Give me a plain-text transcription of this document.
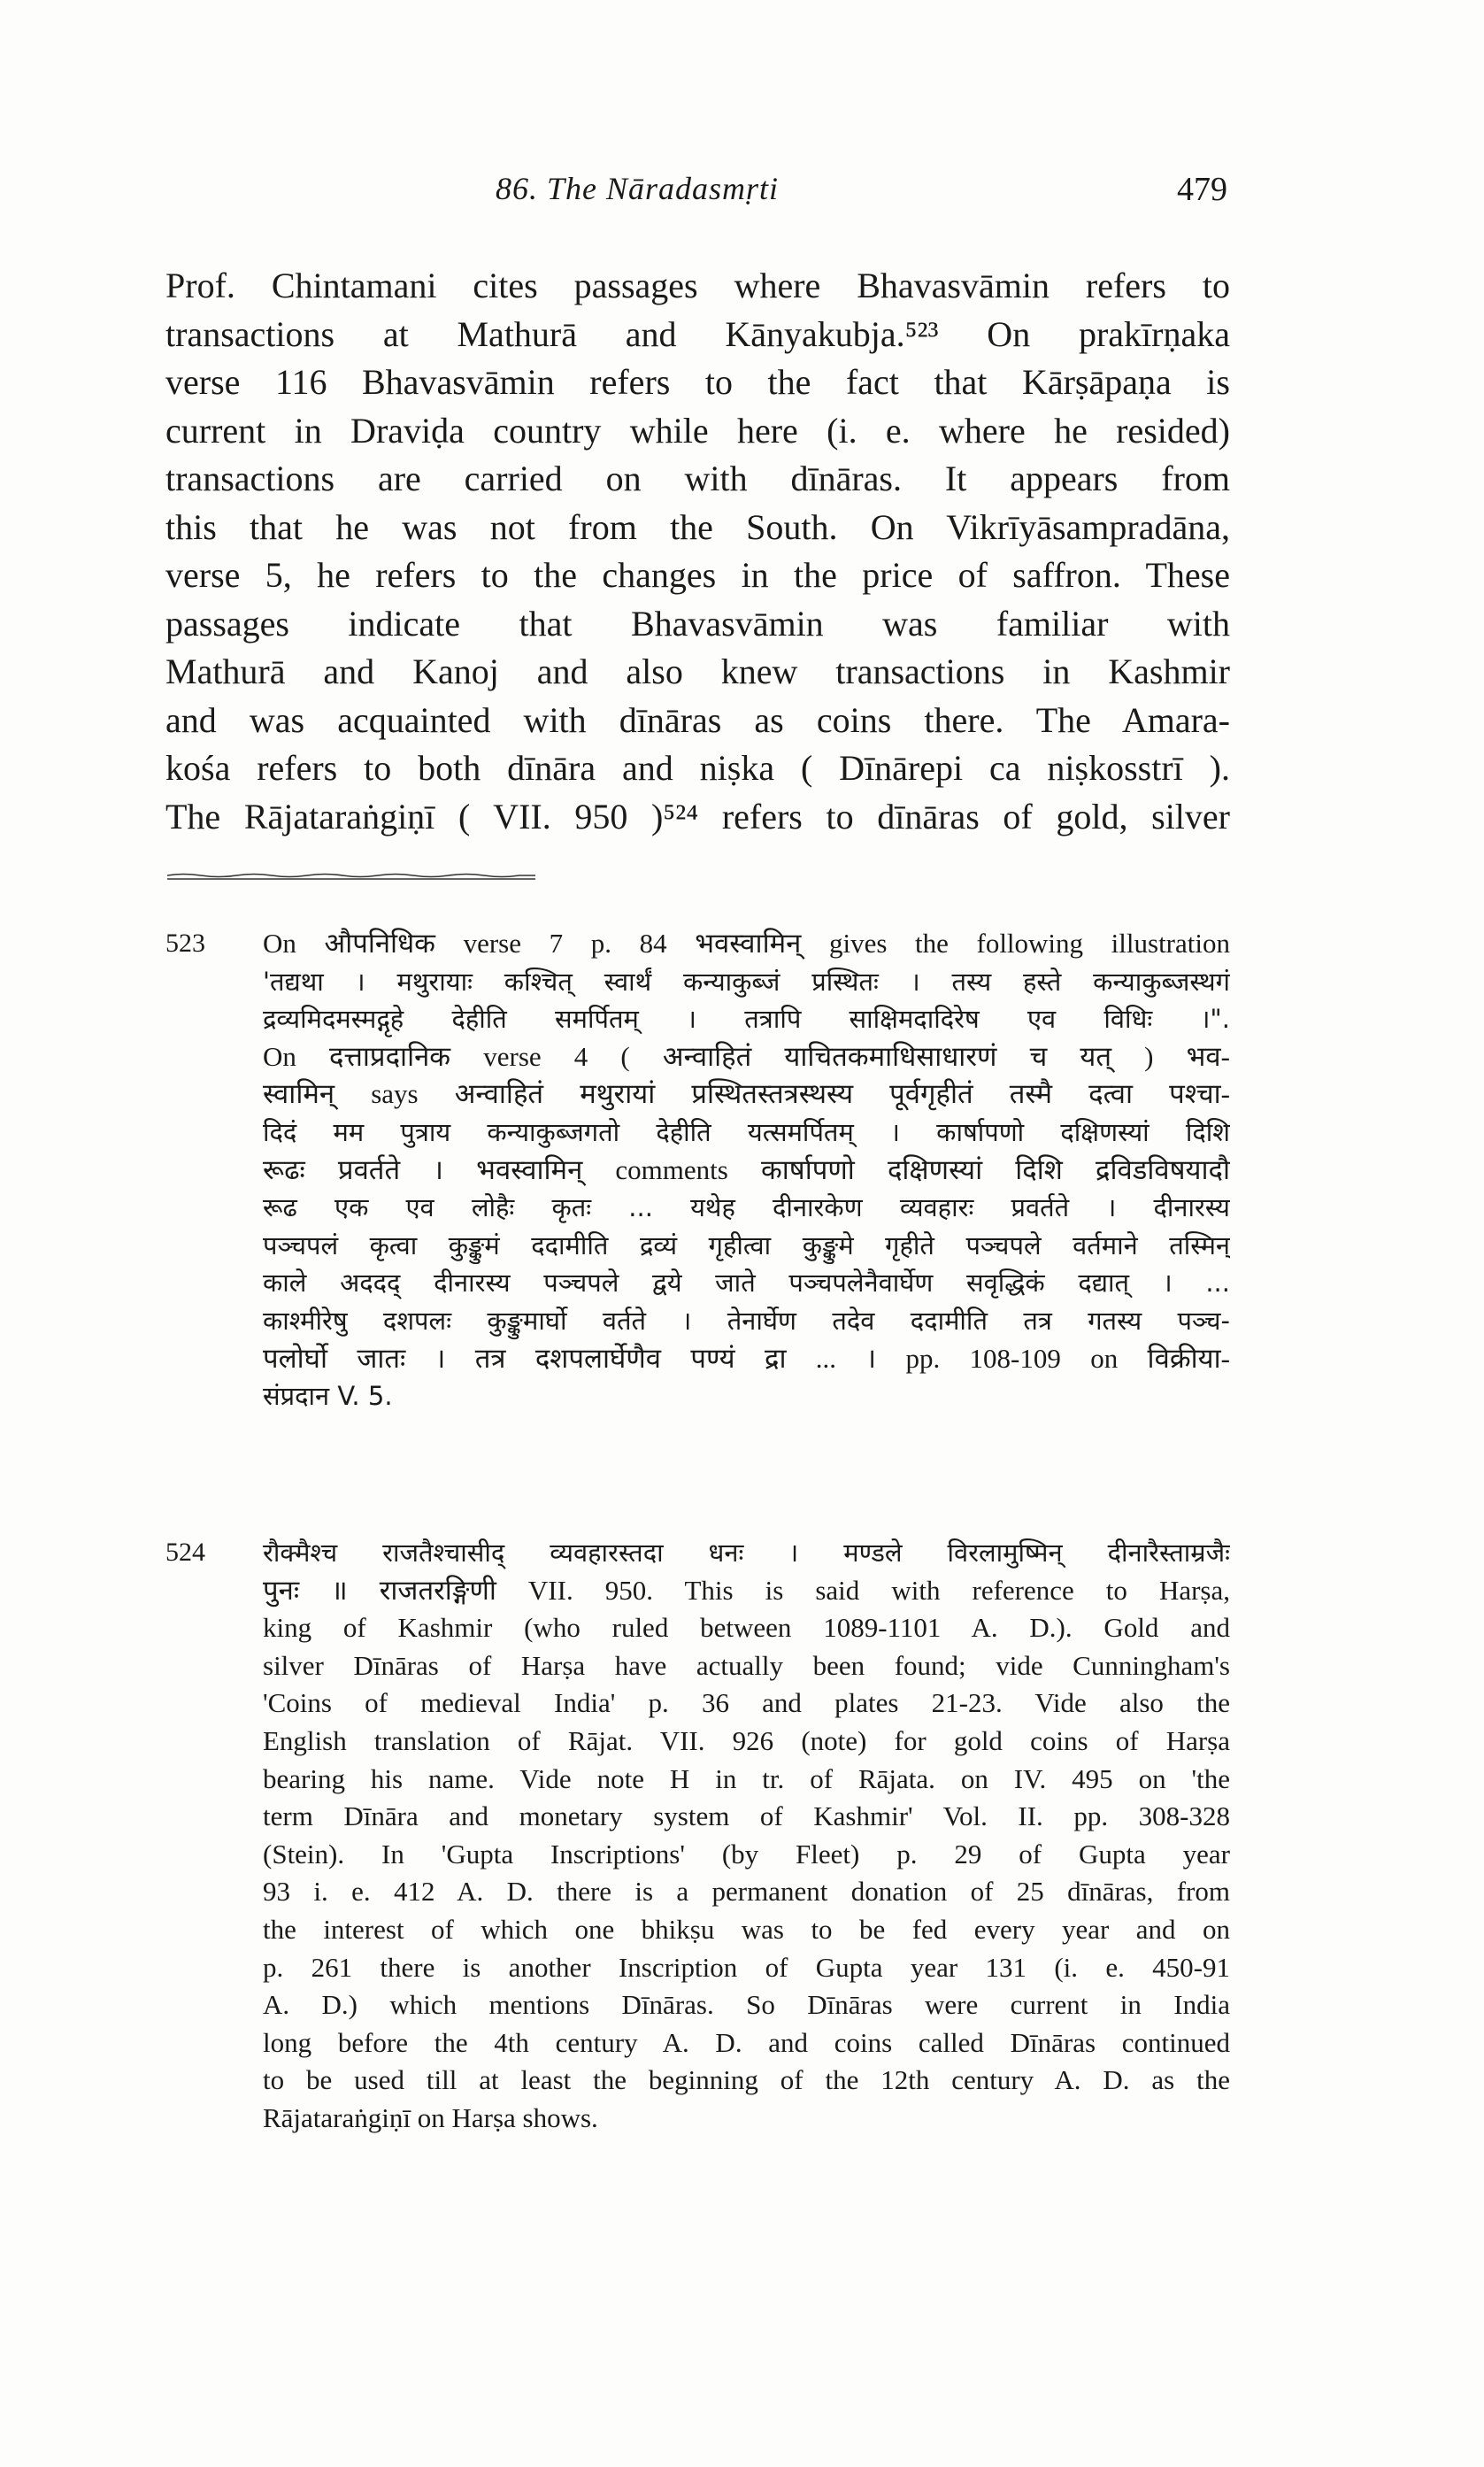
86. The Nāradasmṛti	479
Prof. Chintamani cites passages where Bhavasvāmin refers to
transactions at Mathurā and Kānyakubja.⁵²³ On prakīrṇaka
verse 116 Bhavasvāmin refers to the fact that Kārṣāpaṇa is
current in Draviḍa country while here (i. e. where he resided)
transactions are carried on with dīnāras. It appears from
this that he was not from the South. On Vikrīyāsampradāna,
verse 5, he refers to the changes in the price of saffron. These
passages indicate that Bhavasvāmin was familiar with
Mathurā and Kanoj and also knew transactions in Kashmir
and was acquainted with dīnāras as coins there. The Amara-
kośa refers to both dīnāra and niṣka ( Dīnārepi ca niṣkosstrī ).
The Rājataraṅgiṇī ( VII. 950 )⁵²⁴ refers to dīnāras of gold, silver
523 On औपनिधिक verse 7 p. 84 भवस्वामिन् gives the following illustration
'तद्यथा । मथुरायाः कश्चित् स्वार्थं कन्याकुब्जं प्रस्थितः । तस्य हस्ते कन्याकुब्जस्थगं
द्रव्यमिदमस्मद्गृहे देहीति समर्पितम् । तत्रापि साक्षिमदादिरेष एव विधिः ।".
On दत्ताप्रदानिक verse 4 ( अन्वाहितं याचितकमाधिसाधारणं च यत् ) भव-
स्वामिन् says अन्वाहितं मथुरायां प्रस्थितस्तत्रस्थस्य पूर्वगृहीतं तस्मै दत्वा पश्चा-
दिदं मम पुत्राय कन्याकुब्जगतो देहीति यत्समर्पितम् । कार्षापणो दक्षिणस्यां दिशि
रूढः प्रवर्तते । भवस्वामिन् comments कार्षापणो दक्षिणस्यां दिशि द्रविडविषयादौ
रूढ एक एव लोहैः कृतः ... यथेह दीनारकेण व्यवहारः प्रवर्तते । दीनारस्य
पञ्चपलं कृत्वा कुङ्कुमं ददामीति द्रव्यं गृहीत्वा कुङ्कुमे गृहीते पञ्चपले वर्तमाने तस्मिन्
काले अददद् दीनारस्य पञ्चपले द्वये जाते पञ्चपलेनैवार्घेण सवृद्धिकं दद्यात् । ...
काश्मीरेषु दशपलः कुङ्कुमार्घो वर्तते । तेनार्घेण तदेव ददामीति तत्र गतस्य पञ्च-
पलोर्घो जातः । तत्र दशपलार्घेणैव पण्यं द्रा ... । pp. 108-109 on विक्रीया-
संप्रदान V. 5.
524 रौक्मैश्च राजतैश्चासीद् व्यवहारस्तदा धनः । मण्डले विरलामुष्मिन् दीनारैस्ताम्रजैः
पुनः ॥ राजतरङ्गिणी VII. 950. This is said with reference to Harṣa,
king of Kashmir (who ruled between 1089-1101 A. D.). Gold and
silver Dīnāras of Harṣa have actually been found; vide Cunningham's
'Coins of medieval India' p. 36 and plates 21-23. Vide also the
English translation of Rājat. VII. 926 (note) for gold coins of Harṣa
bearing his name. Vide note H in tr. of Rājata. on IV. 495 on 'the
term Dīnāra and monetary system of Kashmir' Vol. II. pp. 308-328
(Stein). In 'Gupta Inscriptions' (by Fleet) p. 29 of Gupta year
93 i. e. 412 A. D. there is a permanent donation of 25 dīnāras, from
the interest of which one bhikṣu was to be fed every year and on
p. 261 there is another Inscription of Gupta year 131 (i. e. 450-91
A. D.) which mentions Dīnāras. So Dīnāras were current in India
long before the 4th century A. D. and coins called Dīnāras continued
to be used till at least the beginning of the 12th century A. D. as the
Rājataraṅgiṇī on Harṣa shows.
